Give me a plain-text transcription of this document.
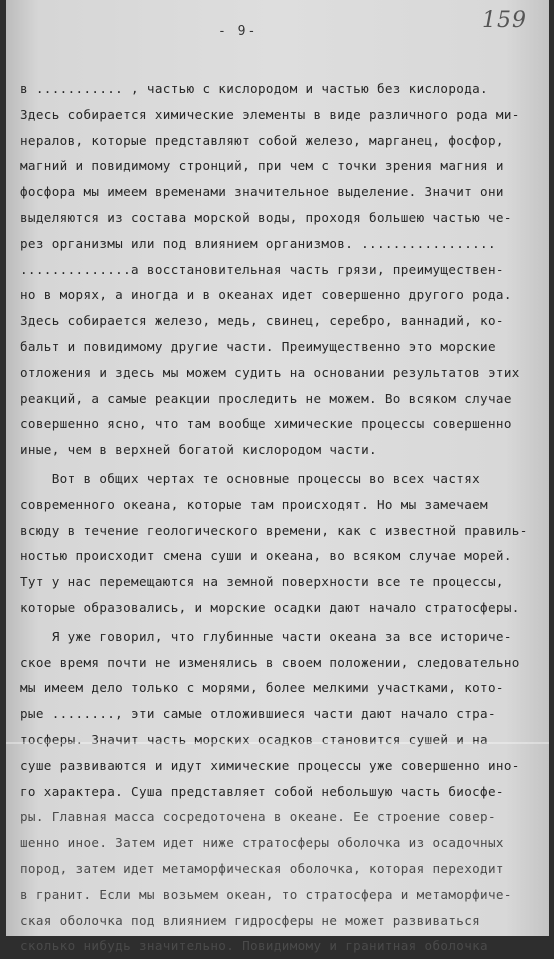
159
- 9-
в ........... , частью с кислородом и частью без кислорода.
Здесь собирается химические элементы в виде различного рода ми-
нералов, которые представляют собой железо, марганец, фосфор,
магний и повидимому стронций, при чем с точки зрения магния и
фосфора мы имеем временами значительное выделение. Значит они
выделяются из состава морской воды, проходя большею частью че-
рез организмы или под влиянием организмов. .................
..............а восстановительная часть грязи, преимуществен-
но в морях, а иногда и в океанах идет совершенно другого рода.
Здесь собирается железо, медь, свинец, серебро, ваннадий, ко-
бальт и повидимому другие части. Преимущественно это морские
отложения и здесь мы можем судить на основании результатов этих
реакций, а самые реакции проследить не можем. Во всяком случае
совершенно ясно, что там вообще химические процессы совершенно
иные, чем в верхней богатой кислородом части.
Вот в общих чертах те основные процессы во всех частях
современного океана, которые там происходят. Но мы замечаем
всюду в течение геологического времени, как с известной правиль-
ностью происходит смена суши и океана, во всяком случае морей.
Тут у нас перемещаются на земной поверхности все те процессы,
которые образовались, и морские осадки дают начало стратосферы.
Я уже говорил, что глубинные части океана за все историче-
ское время почти не изменялись в своем положении, следовательно
мы имеем дело только с морями, более мелкими участками, кото-
рые ........, эти самые отложившиеся части дают начало стра-
тосферы. Значит часть морских осадков становится сушей и на
суше развиваются и идут химические процессы уже совершенно ино-
го характера. Суша представляет собой небольшую часть биосфе-
ры. Главная масса сосредоточена в океане. Ее строение совер-
шенно иное. Затем идет ниже стратосферы оболочка из осадочных
пород, затем идет метаморфическая оболочка, которая переходит
в гранит. Если мы возьмем океан, то стратосфера и метаморфиче-
ская оболочка под влиянием гидросферы не может развиваться
сколько нибудь значительно. Повидимому и гранитная оболочка
